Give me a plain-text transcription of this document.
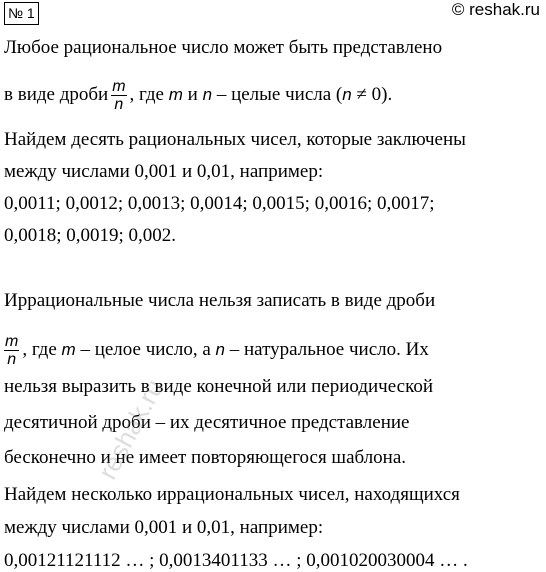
№ 1	© reshak.ru
Любое рациональное число может быть представлено
в виде дроби $\frac{m}{n}$ , где m и n – целые числа (n ≠ 0).
Найдем десять рациональных чисел, которые заключены
между числами 0,001 и 0,01, например:
0,0011; 0,0012; 0,0013; 0,0014; 0,0015; 0,0016; 0,0017;
0,0018; 0,0019; 0,002.
Иррациональные числа нельзя записать в виде дроби
$\frac{m}{n}$ , где m – целое число, а n – натуральное число. Их
нельзя выразить в виде конечной или периодической
десятичной дроби – их десятичное представление
бесконечно и не имеет повторяющегося шаблона.
Найдем несколько иррациональных чисел, находящихся
между числами 0,001 и 0,01, например:
0,00121121112 … ; 0,0013401133 … ; 0,001020030004 … .
reshak.ru
